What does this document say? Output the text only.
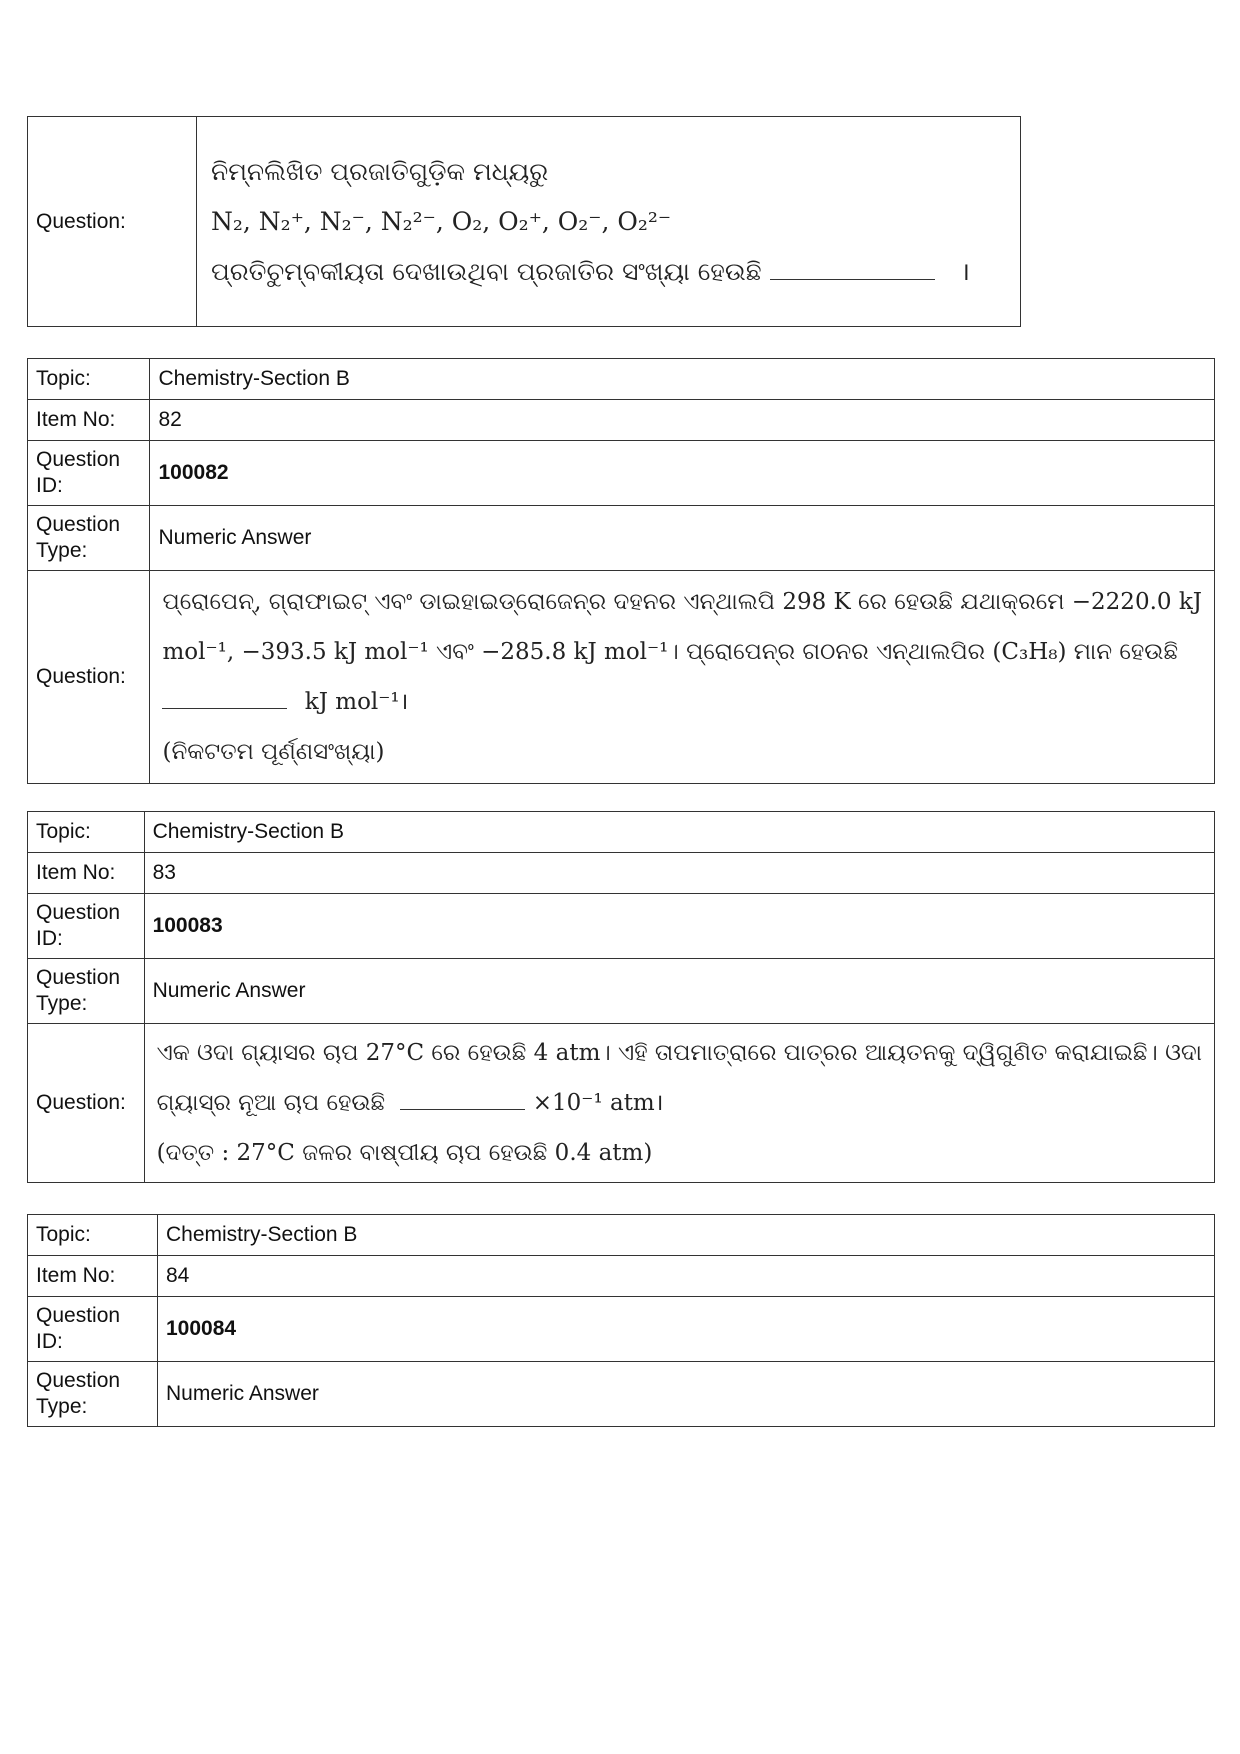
Question:	
ନିମ୍ନଲିଖିତ ପ୍ରଜାତିଗୁଡ଼ିକ ମଧ୍ୟରୁ
N₂, N₂⁺, N₂⁻, N₂²⁻, O₂, O₂⁺, O₂⁻, O₂²⁻
ପ୍ରତିଚୁମ୍ବକୀୟତା ଦେଖାଉଥିବା ପ୍ରଜାତିର ସଂଖ୍ୟା ହେଉଛି	।
Topic:	Chemistry-Section B
Item No:	82
Question ID:	100082
Question Type:	Numeric Answer
Question:	ପ୍ରୋପେନ୍, ଗ୍ରାଫାଇଟ୍ ଏବଂ ଡାଇହାଇଡ୍ରୋଜେନ୍‌ର ଦହନର ଏନ୍‌ଥାଲପି 298 K ରେ ହେଉଛି ଯଥାକ୍ରମେ −2220.0 kJ
mol⁻¹, −393.5 kJ mol⁻¹ ଏବଂ −285.8 kJ mol⁻¹। ପ୍ରୋପେନ୍‌ର ଗଠନର ଏନ୍‌ଥାଲପିର (C₃H₈) ମାନ ହେଉଛି
kJ mol⁻¹।
(ନିକଟତମ ପୂର୍ଣ୍ଣସଂଖ୍ୟା)
Topic:	Chemistry-Section B
Item No:	83
Question ID:	100083
Question Type:	Numeric Answer
Question:	ଏକ ଓଦା ଗ୍ୟାସର ଚାପ 27°C ରେ ହେଉଛି 4 atm। ଏହି ତାପମାତ୍ରାରେ ପାତ୍ରର ଆୟତନକୁ ଦ୍ୱିଗୁଣିତ କରାଯାଇଛି। ଓଦା
ଗ୍ୟାସ୍‌ର ନୂଆ ଚାପ ହେଉଛି ×10⁻¹ atm।
(ଦତ୍ତ : 27°C ଜଳର ବାଷ୍ପୀୟ ଚାପ ହେଉଛି 0.4 atm)
Topic:	Chemistry-Section B
Item No:	84
Question ID:	100084
Question Type:	Numeric Answer
